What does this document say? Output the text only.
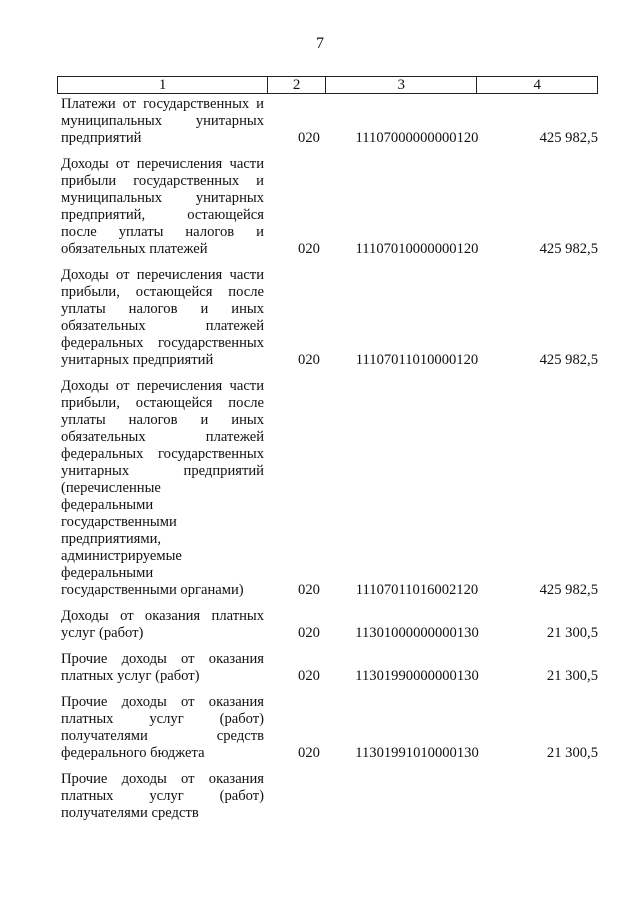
7
1	2	3	4
Платежи от государственных и
муниципальных унитарных
предприятий	020	11107000000000120	425 982,5
Доходы от перечисления части
прибыли государственных и
муниципальных унитарных
предприятий, остающейся
после уплаты налогов и
обязательных платежей	020	11107010000000120	425 982,5
Доходы от перечисления части
прибыли, остающейся после
уплаты налогов и иных
обязательных платежей
федеральных государственных
унитарных предприятий	020	11107011010000120	425 982,5
Доходы от перечисления части
прибыли, остающейся после
уплаты налогов и иных
обязательных платежей
федеральных государственных
унитарных предприятий
(перечисленные
федеральными
государственными
предприятиями,
администрируемые
федеральными
государственными органами)	020	11107011016002120	425 982,5
Доходы от оказания платных
услуг (работ)	020	11301000000000130	21 300,5
Прочие доходы от оказания
платных услуг (работ)	020	11301990000000130	21 300,5
Прочие доходы от оказания
платных услуг (работ)
получателями средств
федерального бюджета	020	11301991010000130	21 300,5
Прочие доходы от оказания
платных услуг (работ)
получателями средств
